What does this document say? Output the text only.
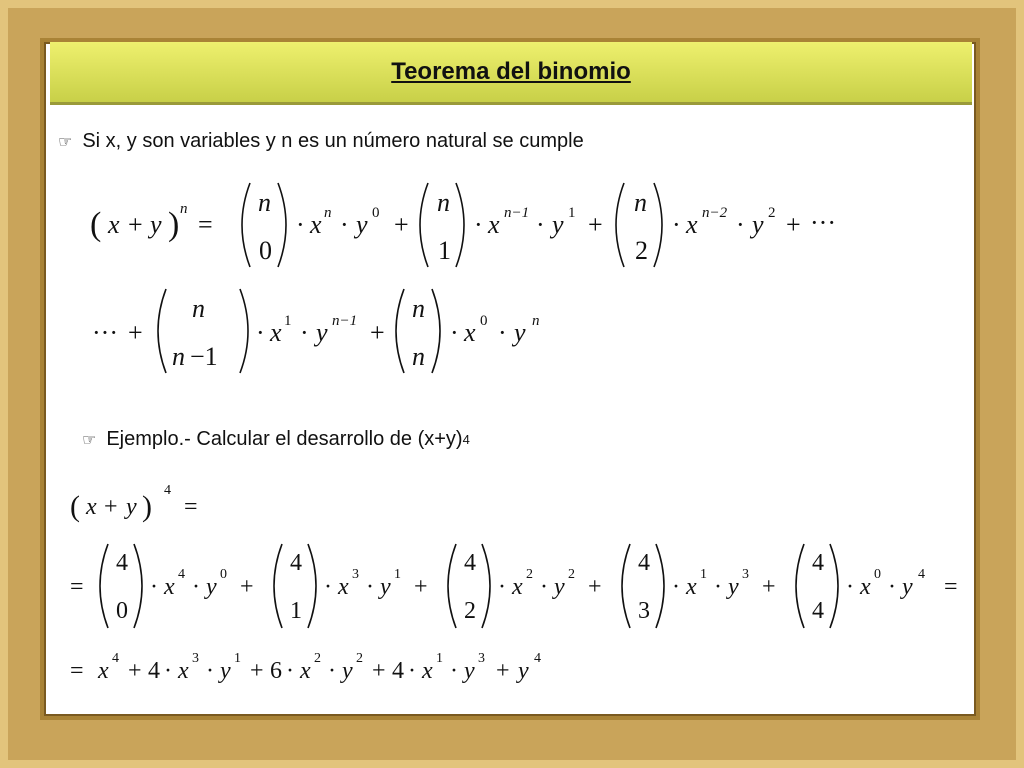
Teorema del binomio
☞ Si x, y son variables y n es un número natural se cumple
( x + y ) n
=
n
0
· x n · y 0 +
n
1
· x n−1 · y 1 +
n
2
· x n−2 · y 2 + ···
··· +
n
n −1
· x 1 · y n−1 +
n
n
· x 0 · y n
☞ Ejemplo.- Calcular el desarrollo de (x+y) 4
( x + y ) 4
=
=
4
0
· x 4 · y 0 +
4
1
· x 3 · y 1 +
4
2
· x 2 · y 2 +
4
3
· x 1 · y 3 +
4
4
· x 0 · y 4 =
= x 4 + 4 · x 3 · y 1 + 6 · x 2 · y 2 + 4 · x 1 · y 3 + y 4
